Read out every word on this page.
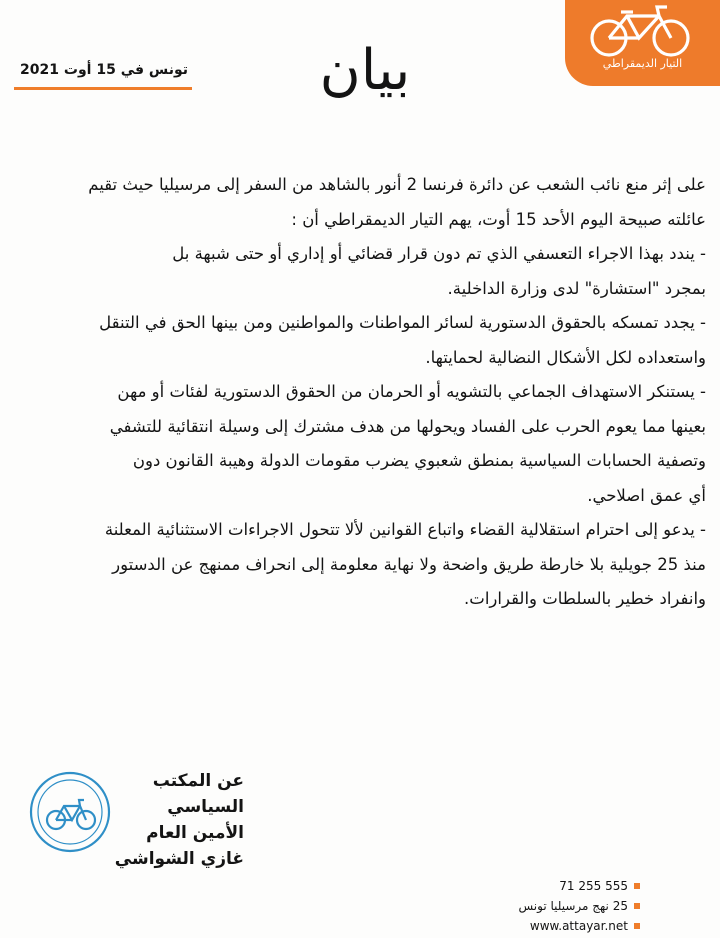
تونس في 15 أوت 2021	بيان	التيار الديمقراطي

على إثر منع نائب الشعب عن دائرة فرنسا 2 أنور بالشاهد من السفر إلى مرسيليا حيث تقيم

عائلته صبيحة اليوم الأحد 15 أوت، يهم التيار الديمقراطي أن :

- يندد بهذا الاجراء التعسفي الذي تم دون قرار قضائي أو إداري أو حتى شبهة بل

بمجرد "استشارة" لدى وزارة الداخلية.

- يجدد تمسكه بالحقوق الدستورية لسائر المواطنات والمواطنين ومن بينها الحق في التنقل

واستعداده لكل الأشكال النضالية لحمايتها.

- يستنكر الاستهداف الجماعي بالتشويه أو الحرمان من الحقوق الدستورية لفئات أو مهن

بعينها مما يعوم الحرب على الفساد ويحولها من هدف مشترك إلى وسيلة انتقائية للتشفي

وتصفية الحسابات السياسية بمنطق شعبوي يضرب مقومات الدولة وهيبة القانون دون

أي عمق اصلاحي.

- يدعو إلى احترام استقلالية القضاء واتباع القوانين لألا تتحول الاجراءات الاستثنائية المعلنة

منذ 25 جويلية بلا خارطة طريق واضحة ولا نهاية معلومة إلى انحراف ممنهج عن الدستور

وانفراد خطير بالسلطات والقرارات.

عن المكتب السياسي
الأمين العام
غازي الشواشي
71 255 555
25 نهج مرسيليا تونس
www.attayar.net
